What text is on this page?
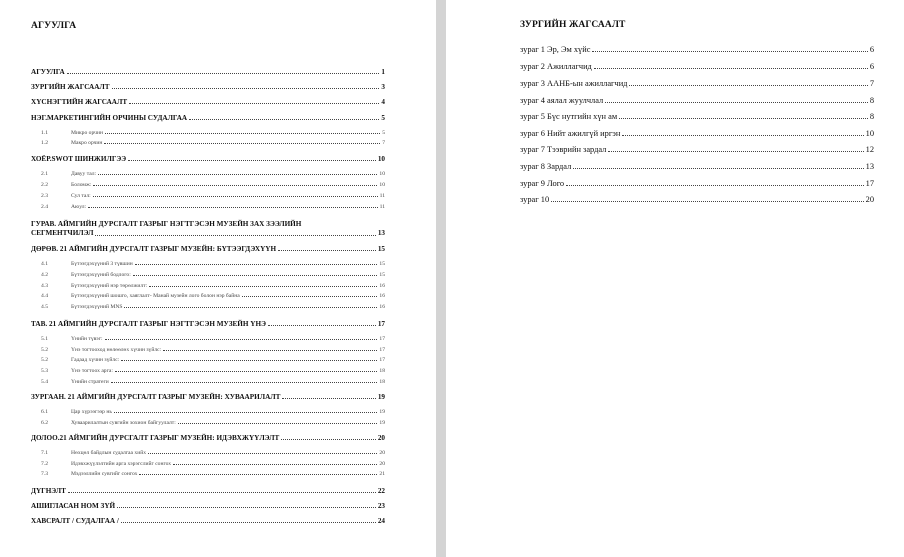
АГУУЛГА
АГУУЛГА	1
ЗУРГИЙН ЖАГСААЛТ	3
ХҮСНЭГТИЙН ЖАГСААЛТ	4
НЭГ.МАРКЕТИНГИЙН ОРЧИНЫ СУДАЛГАА	5
1.1	Микро орчин	5
1.2	Макро орчин	7
ХОЁР.SWOT ШИНЖИЛГЭЭ	10
2.1	Давуу тал:	10
2.2	Боломж:	10
2.3	Сул тал:	11
2.4	Аюул:	11
ГУРАВ. АЙМГИЙН ДУРСГАЛТ ГАЗРЫГ НЭГТГЭСЭН МУЗЕЙН ЗАХ ЗЭЭЛИЙН
СЕГМЕНТЧИЛЭЛ	13
ДӨРӨВ. 21 АЙМГИЙН ДУРСГАЛТ ГАЗРЫГ МУЗЕЙН: БҮТЭЭГДЭХҮҮН	15
4.1	Бүтээгдэхүүний 3 түвшин	15
4.2	Бүтээгдэхүүний бодлого:	15
4.3	Бүтээгдэхүүний нэр төрөлжилт:	16
4.4	Бүтээгдэхүүний шошго, хаяглалт- Манай музейн лого болон нэр байна	16
4.5	Бүтээгдэхүүний MNS	16
ТАВ. 21 АЙМГИЙН ДУРСГАЛТ ГАЗРЫГ НЭГТГЭСЭН МУЗЕЙН ҮНЭ	17
5.1	Үнийн түвэг:	17
5.2	Үнэ тогтооход нөлөөлөх хүчин зүйлс:	17
5.2	Гадаад хүчин зүйлс:	17
5.3	Үнэ тогтоох арга:	18
5.4	Үнийн стратеги	18
ЗУРГААН. 21 АЙМГИЙН ДУРСГАЛТ ГАЗРЫГ МУЗЕЙН: ХУВААРИЛАЛТ	19
6.1	Цар хүрээгээр нь	19
6.2	Хуваарилалтын сувгийн зохион байгуулалт:	19
ДОЛОО.21 АЙМГИЙН ДУРСГАЛТ ГАЗРЫГ МУЗЕЙН: ИДЭВХЖҮҮЛЭЛТ	20
7.1	Нөхцөл байдлын судалгаа хийх	20
7.2	Идэвхжүүлэлтийн арга хэрэгслийг сонгох	20
7.3	Мэдээллийн сувгийг сонгох	21
ДҮГНЭЛТ	22
АШИГЛАСАН НОМ ЗҮЙ	23
ХАВСРАЛТ / СУДАЛГАА /	24
ЗУРГИЙН ЖАГСААЛТ
зураг 1 Эр, Эм хүйс	6
зураг 2 Ажиллагчид	6
зураг 3 ААНБ-ын ажиллагчид	7
зураг 4 аялал жуулчлал	8
зураг 5 Бүс нутгийн хүн ам	8
зураг 6 Нийт ажилгүй иргэн	10
зураг 7 Тээврийн зардал	12
зураг 8 Зардал	13
зураг 9 Лого	17
зураг 10	20
